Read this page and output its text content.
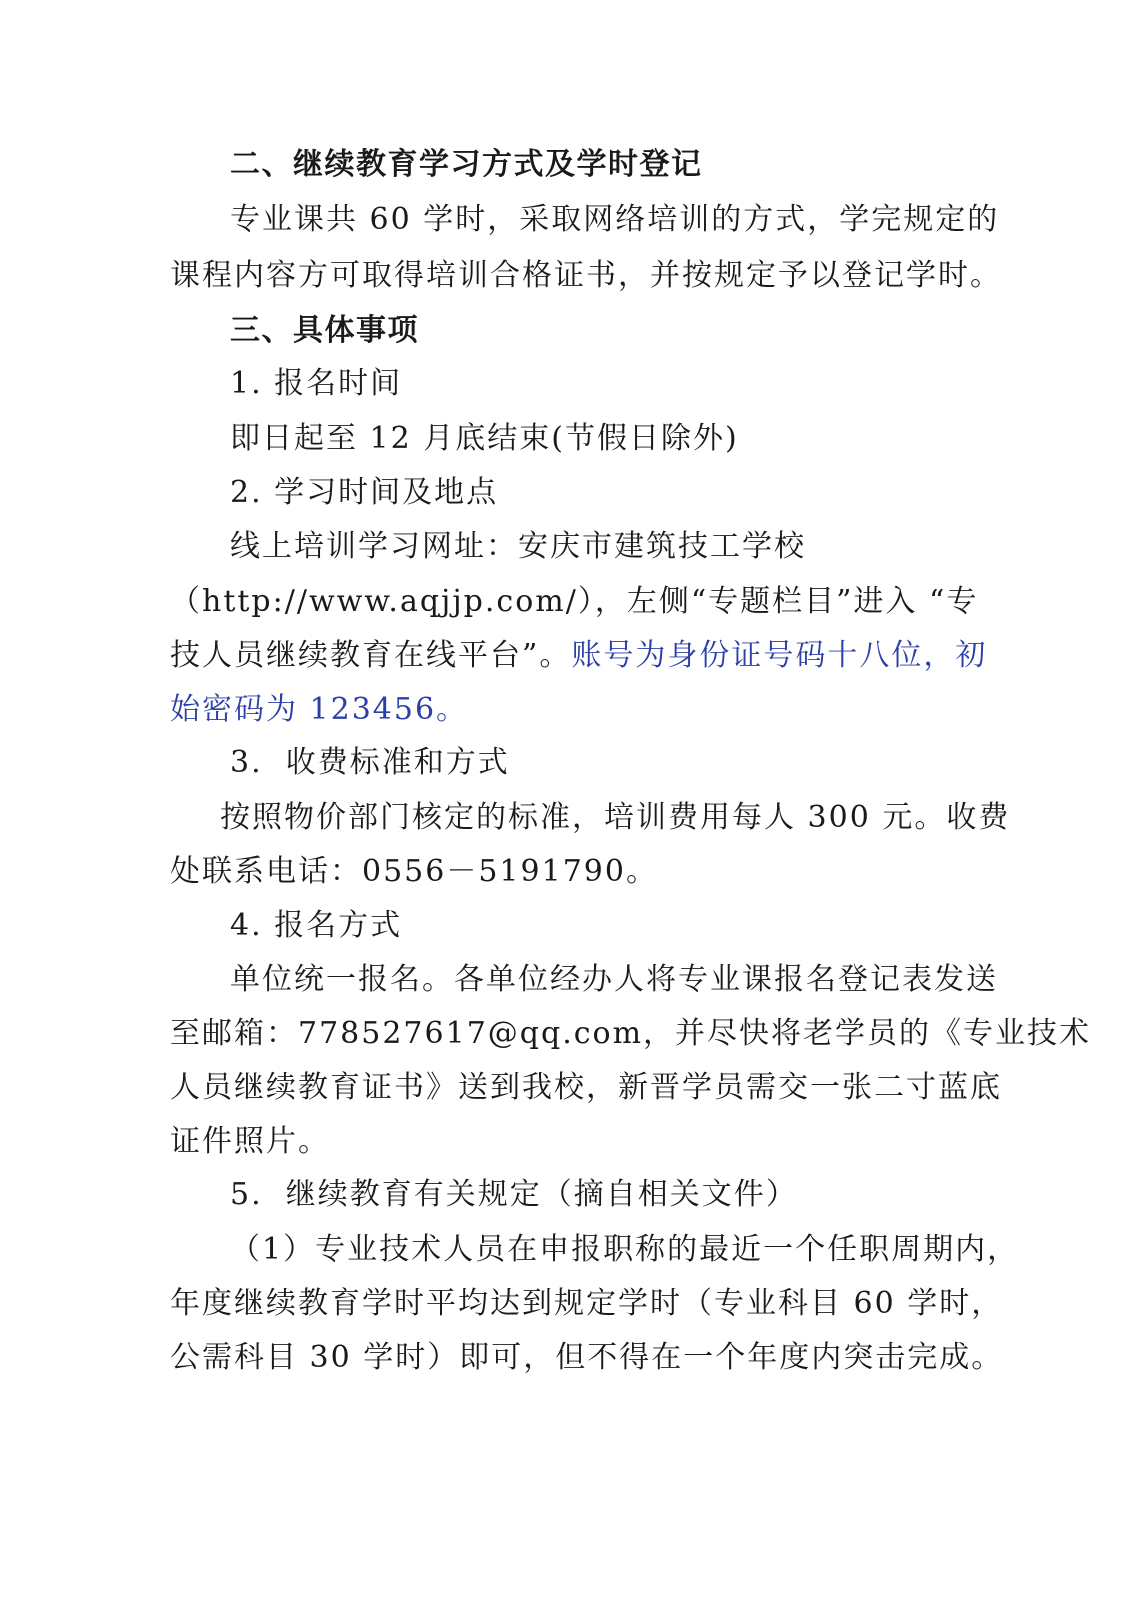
二、继续教育学习方式及学时登记
专业课共 60 学时，采取网络培训的方式，学完规定的
课程内容方可取得培训合格证书，并按规定予以登记学时。
三、具体事项
1. 报名时间
即日起至 12 月底结束(节假日除外)
2. 学习时间及地点
线上培训学习网址：安庆市建筑技工学校
（http://www.aqjjp.com/），左侧“专题栏目”进入 “专
技人员继续教育在线平台”。账号为身份证号码十八位，初
始密码为 123456。
3.  收费标准和方式
按照物价部门核定的标准，培训费用每人 300 元。收费
处联系电话：0556－5191790。
4. 报名方式
单位统一报名。各单位经办人将专业课报名登记表发送
至邮箱：778527617@qq.com，并尽快将老学员的《专业技术
人员继续教育证书》送到我校，新晋学员需交一张二寸蓝底
证件照片。
5.  继续教育有关规定（摘自相关文件）
（1）专业技术人员在申报职称的最近一个任职周期内，
年度继续教育学时平均达到规定学时（专业科目 60 学时，
公需科目 30 学时）即可，但不得在一个年度内突击完成。
